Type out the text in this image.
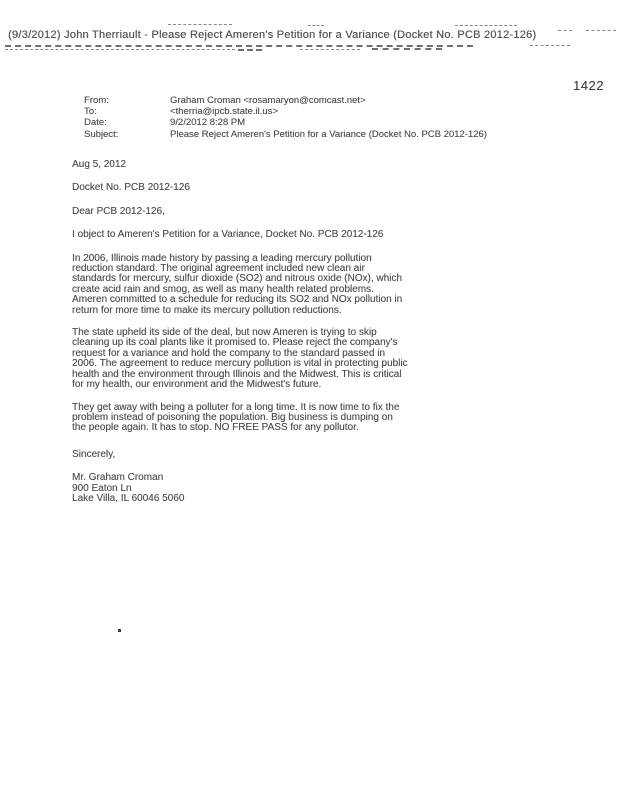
(9/3/2012) John Therriault - Please Reject Ameren's Petition for a Variance (Docket No. PCB 2012-126)
1422
From:	Graham Croman <rosamaryon@comcast.net>
To:	<therria@ipcb.state.il.us>
Date:	9/2/2012 8:28 PM
Subject:	Please Reject Ameren's Petition for a Variance (Docket No. PCB 2012-126)
Aug 5, 2012
Docket No. PCB 2012-126
Dear PCB 2012-126,
I object to Ameren's Petition for a Variance, Docket No. PCB 2012-126
In 2006, Illinois made history by passing a leading mercury pollution reduction standard. The original agreement included new clean air standards for mercury, sulfur dioxide (SO2) and nitrous oxide (NOx), which create acid rain and smog, as well as many health related problems. Ameren committed to a schedule for reducing its SO2 and NOx pollution in return for more time to make its mercury pollution reductions.
The state upheld its side of the deal, but now Ameren is trying to skip cleaning up its coal plants like it promised to. Please reject the company's request for a variance and hold the company to the standard passed in 2006. The agreement to reduce mercury pollution is vital in protecting public health and the environment through Illinois and the Midwest. This is critical for my health, our environment and the Midwest's future.
They get away with being a polluter for a long time. It is now time to fix the problem instead of poisoning the population. Big business is dumping on the people again. It has to stop. NO FREE PASS for any pollutor.
Sincerely,
Mr. Graham Croman
900 Eaton Ln
Lake Villa, IL 60046 5060
